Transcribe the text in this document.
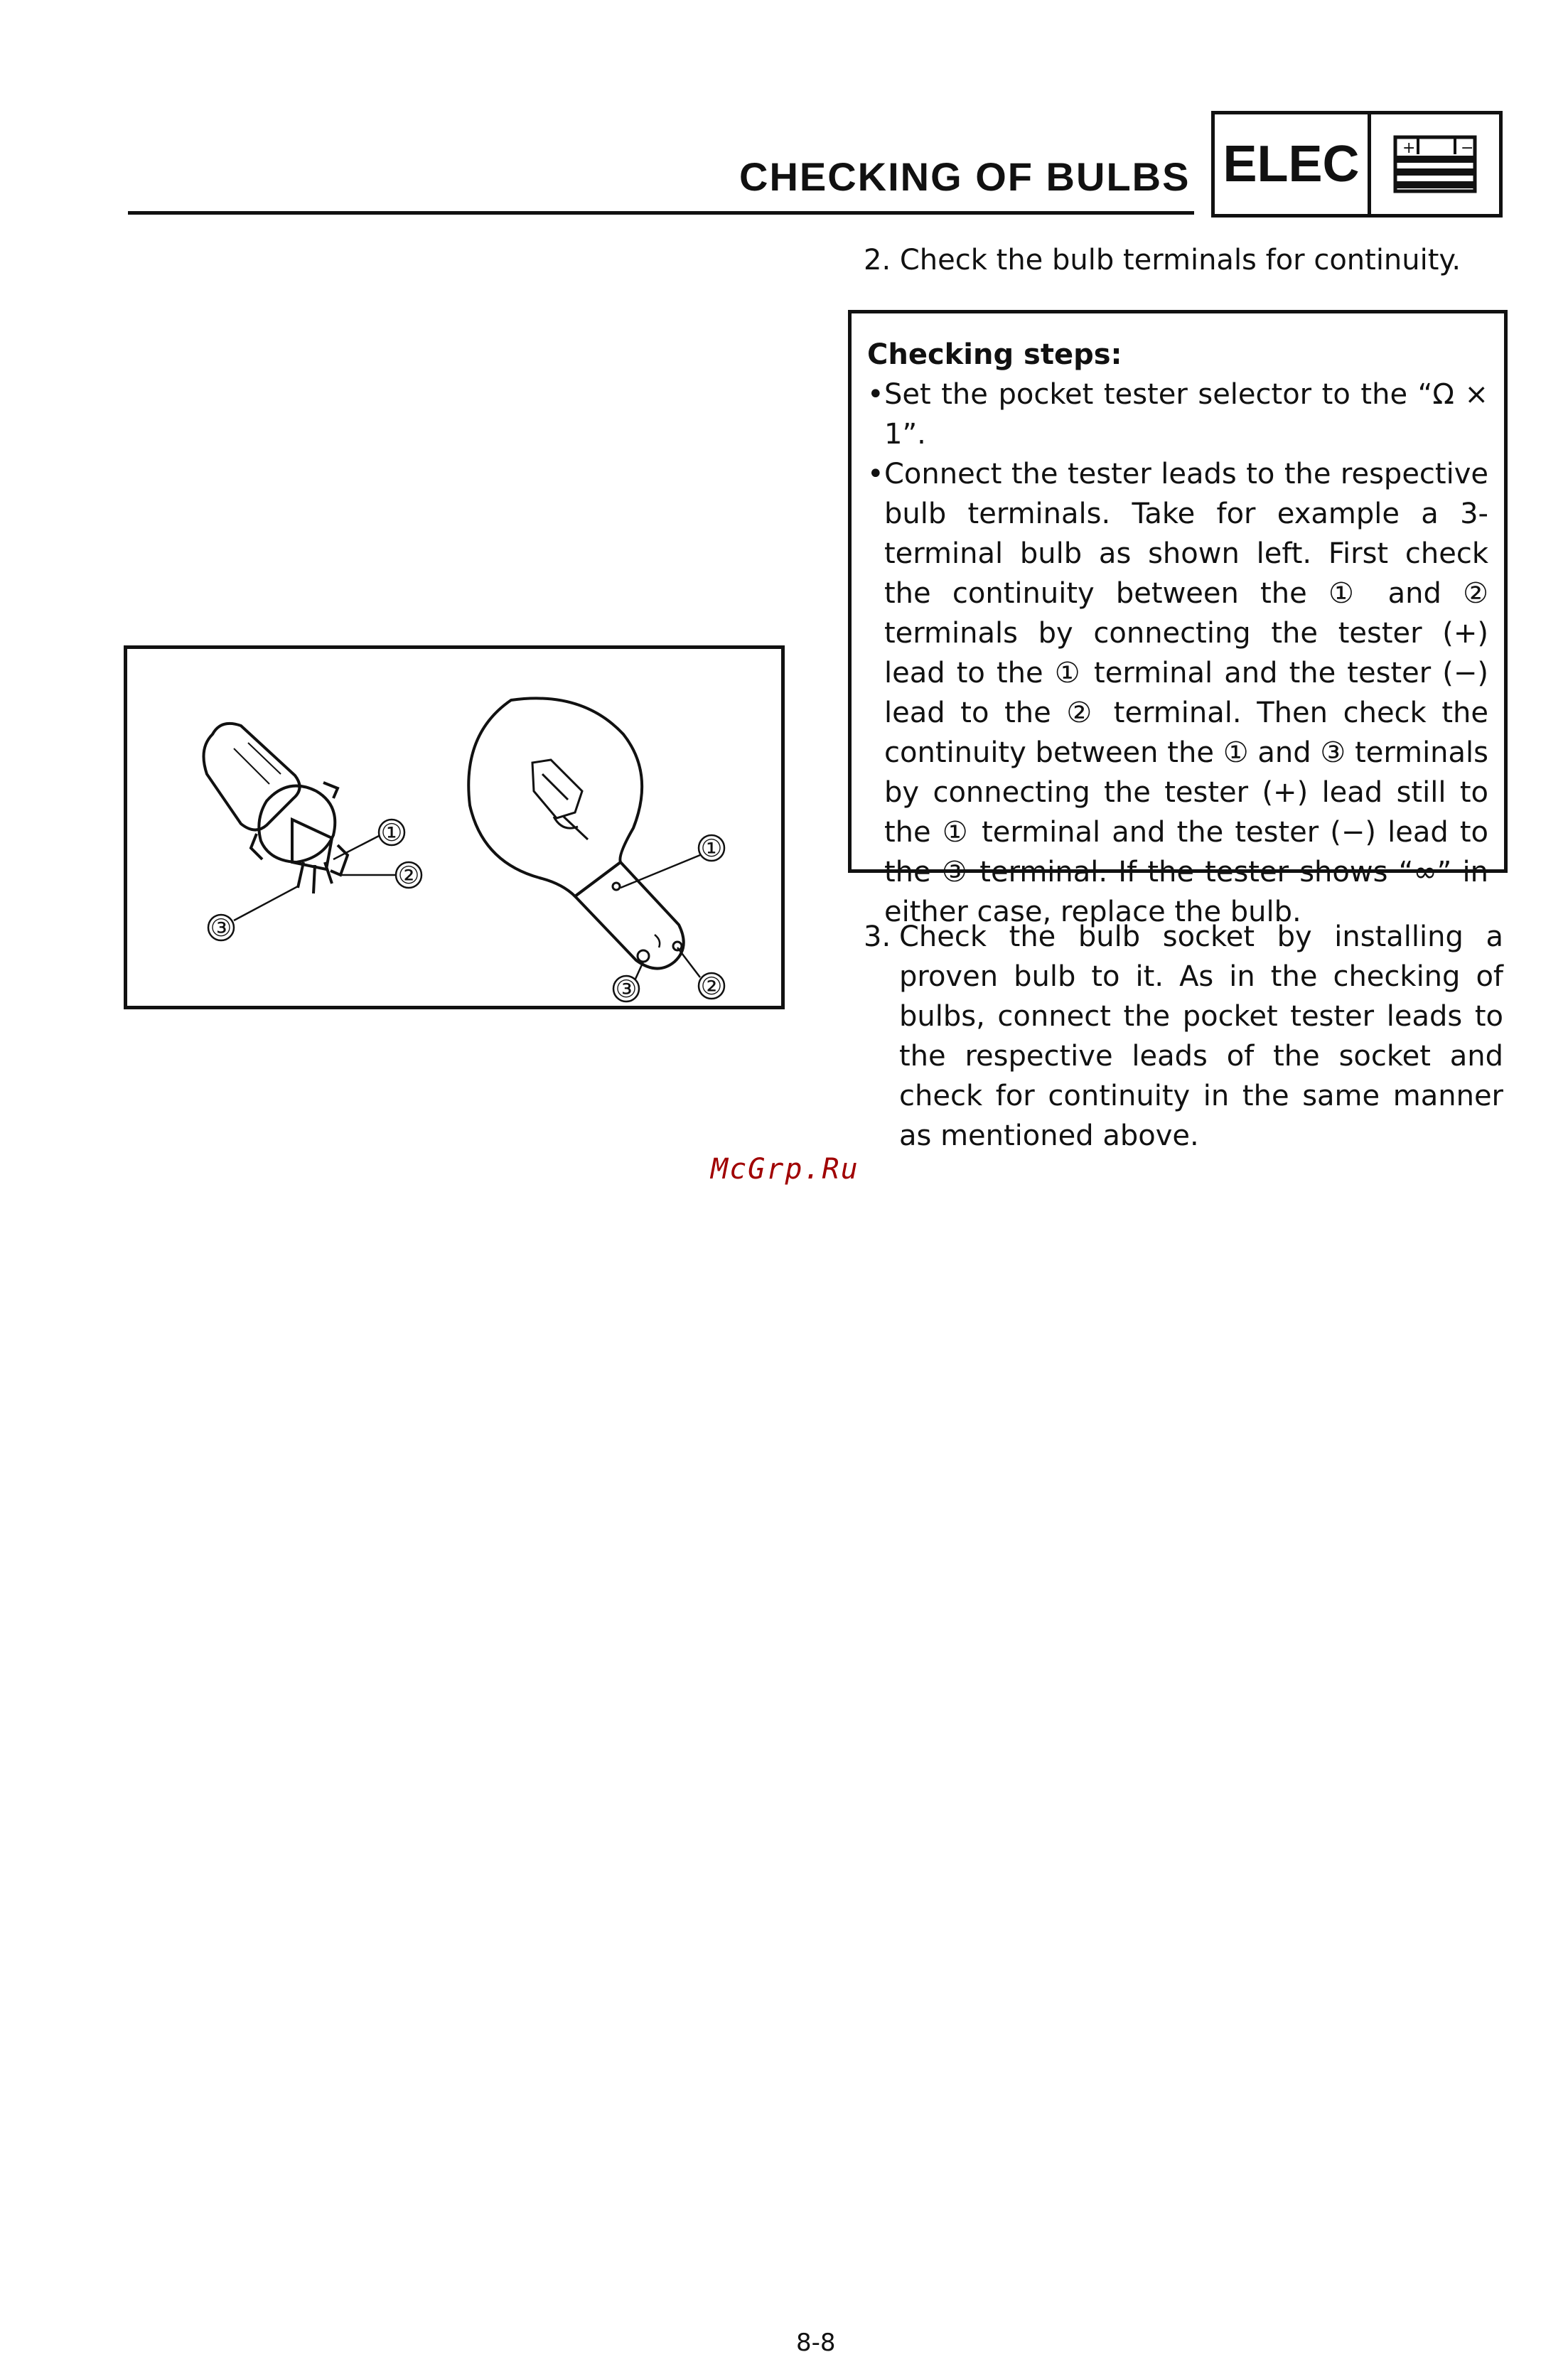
CHECKING OF BULBS ELEC	+	−
2. Check the bulb terminals for continuity.
Checking steps:
• Set the pocket tester selector to the “Ω × 1”.
• Connect the tester leads to the respective bulb terminals. Take for example a 3-terminal bulb as shown left. First check the continuity between the ① and ② terminals by connecting the tester (+) lead to the ① terminal and the tester (−) lead to the ② terminal. Then check the continuity between the ① and ③ terminals by connecting the tester (+) lead still to the ① terminal and the tester (−) lead to the ③ terminal. If the tester shows “∞” in either case, replace the bulb.
3. Check the bulb socket by installing a proven bulb to it. As in the checking of bulbs, connect the pocket tester leads to the respective leads of the socket and check for continuity in the same manner as mentioned above.
①
②
③
①
②
③
McGrp.Ru
8-8
